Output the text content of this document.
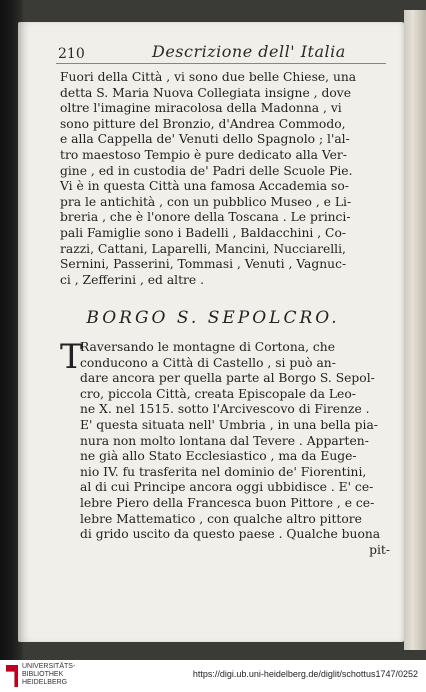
210	Descrizione dell' Italia
Fuori della Città , vi sono due belle Chiese, una
detta S. Maria Nuova Collegiata insigne , dove
oltre l'imagine miracolosa della Madonna , vi
sono pitture del Bronzio, d'Andrea Commodo,
e alla Cappella de' Venuti dello Spagnolo ; l'al-
tro maestoso Tempio è pure dedicato alla Ver-
gine , ed in custodia de' Padri delle Scuole Pie.
Vi è in questa Città una famosa Accademia so-
pra le antichità , con un pubblico Museo , e Li-
breria , che è l'onore della Toscana . Le princi-
pali Famiglie sono i Badelli , Baldacchini , Co-
razzi, Cattani, Laparelli, Mancini, Nucciarelli,
Sernini, Passerini, Tommasi , Venuti , Vagnuc-
ci , Zefferini , ed altre .
BORGO S. SEPOLCRO.
T
Raversando le montagne di Cortona, che
conducono a Città di Castello , si può an-
dare ancora per quella parte al Borgo S. Sepol-
cro, piccola Città, creata Episcopale da Leo-
ne X. nel 1515. sotto l'Arcivescovo di Firenze .
E' questa situata nell' Umbria , in una bella pia-
nura non molto lontana dal Tevere . Apparten-
ne già allo Stato Ecclesiastico , ma da Euge-
nio IV. fu trasferita nel dominio de' Fiorentini,
al di cui Principe ancora oggi ubbidisce . E' ce-
lebre Piero della Francesca buon Pittore , e ce-
lebre Mattematico , con qualche altro pittore
di grido uscito da questo paese . Qualche buona
pit-
UNIVERSITÄTS-
BIBLIOTHEK
HEIDELBERG
https://digi.ub.uni-heidelberg.de/diglit/schottus1747/0252
